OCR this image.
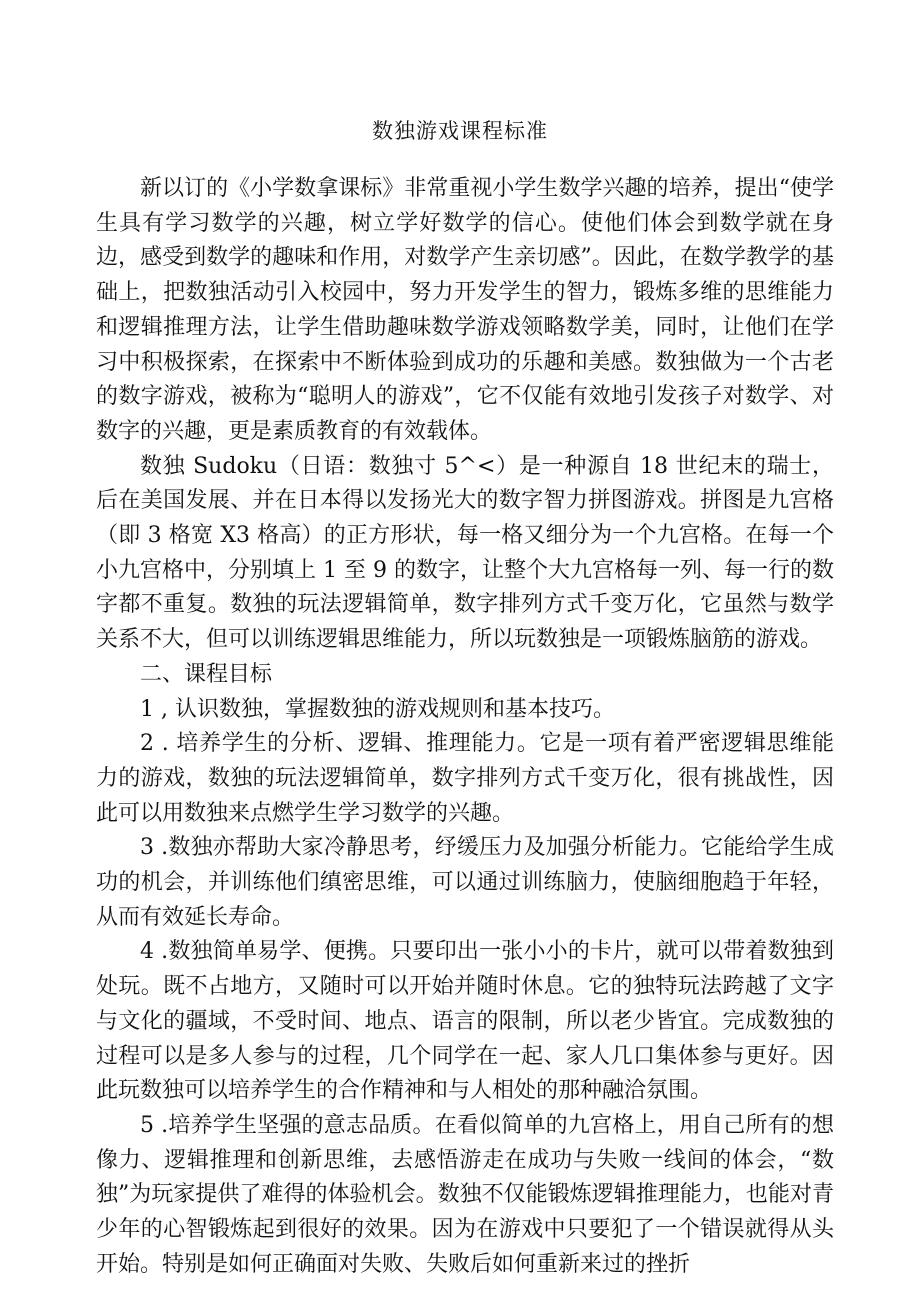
数独游戏课程标准

新以订的《小学数拿课标》非常重视小学生数学兴趣的培养，提出“使学生具有学习数学的兴趣，树立学好数学的信心。使他们体会到数学就在身边，感受到数学的趣味和作用，对数学产生亲切感”。因此，在数学教学的基础上，把数独活动引入校园中，努力开发学生的智力，锻炼多维的思维能力和逻辑推理方法，让学生借助趣味数学游戏领略数学美，同时，让他们在学习中积极探索，在探索中不断体验到成功的乐趣和美感。数独做为一个古老的数字游戏，被称为“聪明人的游戏”，它不仅能有效地引发孩子对数学、对数字的兴趣，更是素质教育的有效载体。

数独 Sudoku（日语：数独寸 5^<）是一种源自 18 世纪末的瑞士，后在美国发展、并在日本得以发扬光大的数字智力拼图游戏。拼图是九宫格（即 3 格宽 X3 格高）的正方形状，每一格又细分为一个九宫格。在每一个小九宫格中，分别填上 1 至 9 的数字，让整个大九宫格每一列、每一行的数字都不重复。数独的玩法逻辑简单，数字排列方式千变万化，它虽然与数学关系不大，但可以训练逻辑思维能力，所以玩数独是一项锻炼脑筋的游戏。

二、课程目标

1 , 认识数独，掌握数独的游戏规则和基本技巧。

2 . 培养学生的分析、逻辑、推理能力。它是一项有着严密逻辑思维能力的游戏，数独的玩法逻辑简单，数字排列方式千变万化，很有挑战性，因此可以用数独来点燃学生学习数学的兴趣。

3 .数独亦帮助大家冷静思考，纾缓压力及加强分析能力。它能给学生成功的机会，并训练他们缜密思维，可以通过训练脑力，使脑细胞趋于年轻，从而有效延长寿命。

4 .数独简单易学、便携。只要印出一张小小的卡片，就可以带着数独到处玩。既不占地方，又随时可以开始并随时休息。它的独特玩法跨越了文字与文化的疆域，不受时间、地点、语言的限制，所以老少皆宜。完成数独的过程可以是多人参与的过程，几个同学在一起、家人几口集体参与更好。因此玩数独可以培养学生的合作精神和与人相处的那种融洽氛围。

5 .培养学生坚强的意志品质。在看似简单的九宫格上，用自己所有的想像力、逻辑推理和创新思维，去感悟游走在成功与失败一线间的体会，“数独”为玩家提供了难得的体验机会。数独不仅能锻炼逻辑推理能力，也能对青少年的心智锻炼起到很好的效果。因为在游戏中只要犯了一个错误就得从头开始。特别是如何正确面对失败、失败后如何重新来过的挫折
